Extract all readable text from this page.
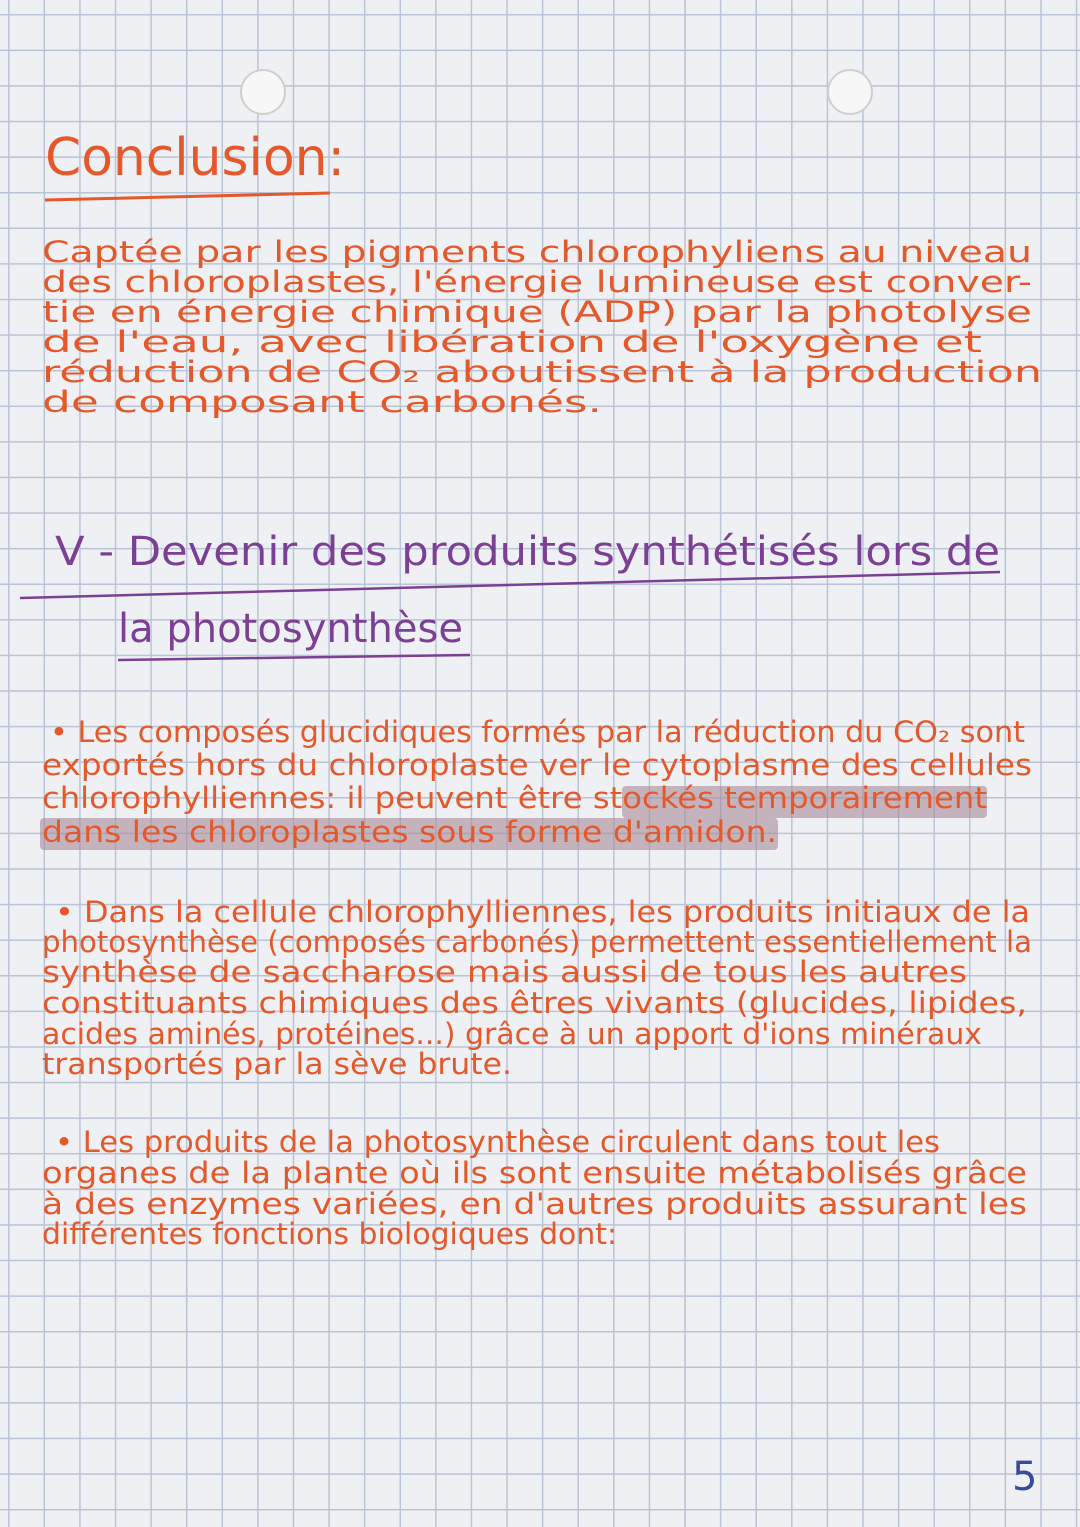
Conclusion:
Captée par les pigments chlorophyliens au niveau
des chloroplastes, l'énergie lumineuse est conver-
tie en énergie chimique (ADP) par la photolyse
de l'eau, avec libération de l'oxygène et
réduction de CO₂ aboutissent à la production
de composant carbonés.
V - Devenir des produits synthétisés lors de
la photosynthèse
• Les composés glucidiques formés par la réduction du CO₂ sont
exportés hors du chloroplaste ver le cytoplasme des cellules
chlorophylliennes: il peuvent être stockés temporairement
dans les chloroplastes sous forme d'amidon.
• Dans la cellule chlorophylliennes, les produits initiaux de la
photosynthèse (composés carbonés) permettent essentiellement la
synthèse de saccharose mais aussi de tous les autres
constituants chimiques des êtres vivants (glucides, lipides,
acides aminés, protéines...) grâce à un apport d'ions minéraux
transportés par la sève brute.
• Les produits de la photosynthèse circulent dans tout les
organes de la plante où ils sont ensuite métabolisés grâce
à des enzymes variées, en d'autres produits assurant les
différentes fonctions biologiques dont:
5
